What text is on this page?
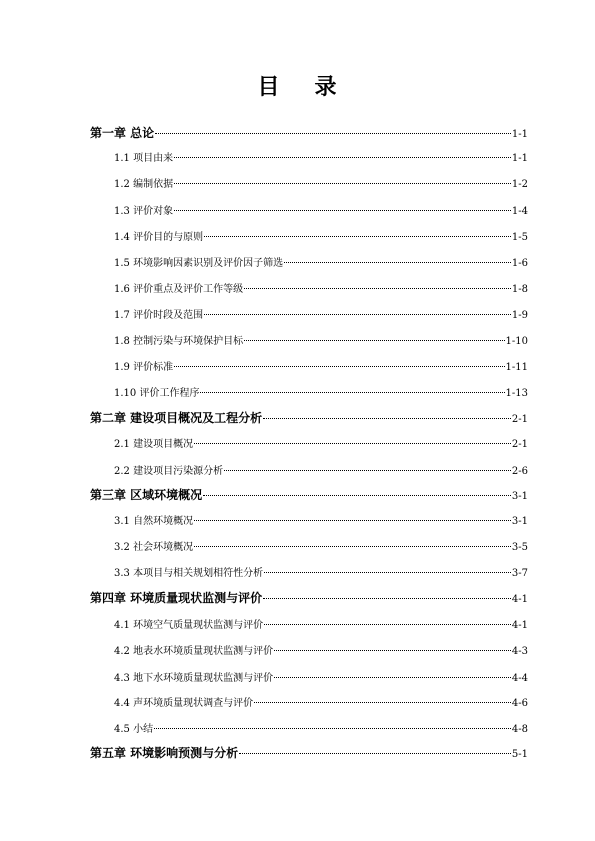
目 录
第一章 总论	1-1
1.1 项目由来	1-1
1.2 编制依据	1-2
1.3 评价对象	1-4
1.4 评价目的与原则	1-5
1.5 环境影响因素识别及评价因子筛选	1-6
1.6 评价重点及评价工作等级	1-8
1.7 评价时段及范围	1-9
1.8 控制污染与环境保护目标	1-10
1.9 评价标准	1-11
1.10 评价工作程序	1-13
第二章 建设项目概况及工程分析	2-1
2.1 建设项目概况	2-1
2.2 建设项目污染源分析	2-6
第三章 区域环境概况	3-1
3.1 自然环境概况	3-1
3.2 社会环境概况	3-5
3.3 本项目与相关规划相符性分析	3-7
第四章 环境质量现状监测与评价	4-1
4.1 环境空气质量现状监测与评价	4-1
4.2 地表水环境质量现状监测与评价	4-3
4.3 地下水环境质量现状监测与评价	4-4
4.4 声环境质量现状调查与评价	4-6
4.5 小结	4-8
第五章 环境影响预测与分析	5-1
